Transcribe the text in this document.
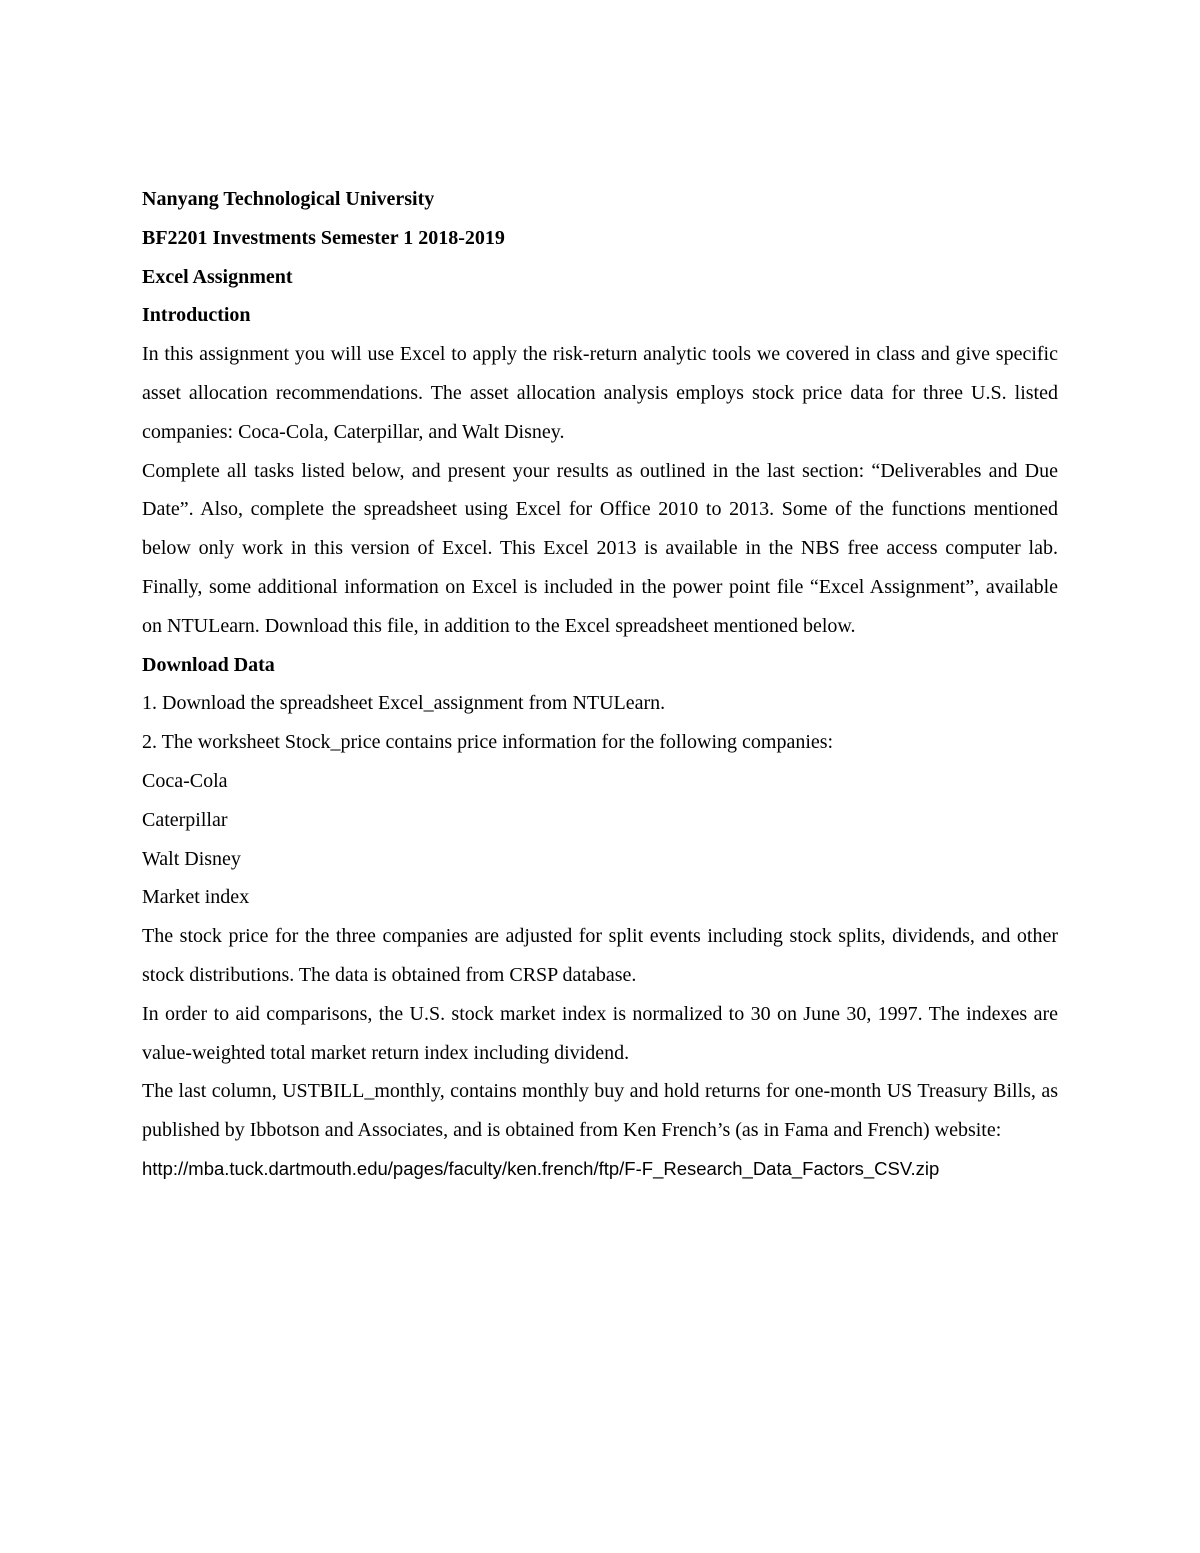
Nanyang Technological University
BF2201 Investments Semester 1 2018-2019
Excel Assignment
Introduction
In this assignment you will use Excel to apply the risk-return analytic tools we covered in class and give specific asset allocation recommendations. The asset allocation analysis employs stock price data for three U.S. listed companies: Coca-Cola, Caterpillar, and Walt Disney.
Complete all tasks listed below, and present your results as outlined in the last section: “Deliverables and Due Date”. Also, complete the spreadsheet using Excel for Office 2010 to 2013. Some of the functions mentioned below only work in this version of Excel. This Excel 2013 is available in the NBS free access computer lab. Finally, some additional information on Excel is included in the power point file “Excel Assignment”, available on NTULearn. Download this file, in addition to the Excel spreadsheet mentioned below.
Download Data
1. Download the spreadsheet Excel_assignment from NTULearn.
2. The worksheet Stock_price contains price information for the following companies:
Coca-Cola
Caterpillar
Walt Disney
Market index
The stock price for the three companies are adjusted for split events including stock splits, dividends, and other stock distributions. The data is obtained from CRSP database.
In order to aid comparisons, the U.S. stock market index is normalized to 30 on June 30, 1997. The indexes are value-weighted total market return index including dividend.
The last column, USTBILL_monthly, contains monthly buy and hold returns for one-month US Treasury Bills, as published by Ibbotson and Associates, and is obtained from Ken French’s (as in Fama and French) website:
http://mba.tuck.dartmouth.edu/pages/faculty/ken.french/ftp/F-F_Research_Data_Factors_CSV.zip
